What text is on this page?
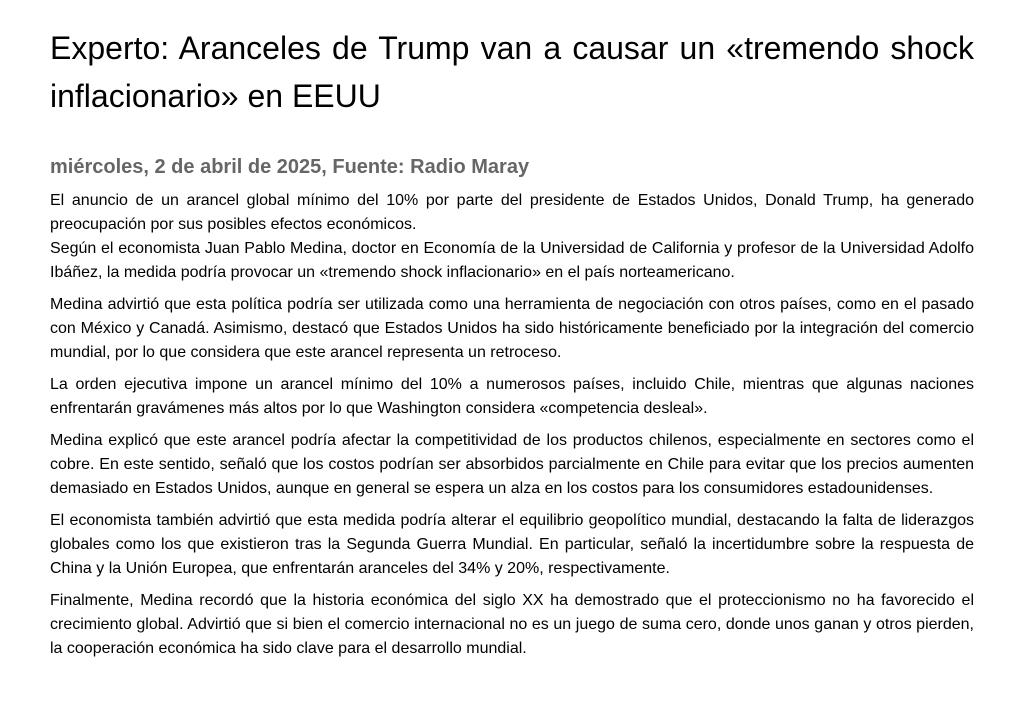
Experto: Aranceles de Trump van a causar un «tremendo shock inflacionario» en EEUU

miércoles, 2 de abril de 2025, Fuente: Radio Maray

El anuncio de un arancel global mínimo del 10% por parte del presidente de Estados Unidos, Donald Trump, ha generado preocupación por sus posibles efectos económicos.
Según el economista Juan Pablo Medina, doctor en Economía de la Universidad de California y profesor de la Universidad Adolfo Ibáñez, la medida podría provocar un «tremendo shock inflacionario» en el país norteamericano.

Medina advirtió que esta política podría ser utilizada como una herramienta de negociación con otros países, como en el pasado con México y Canadá. Asimismo, destacó que Estados Unidos ha sido históricamente beneficiado por la integración del comercio mundial, por lo que considera que este arancel representa un retroceso.

La orden ejecutiva impone un arancel mínimo del 10% a numerosos países, incluido Chile, mientras que algunas naciones enfrentarán gravámenes más altos por lo que Washington considera «competencia desleal».

Medina explicó que este arancel podría afectar la competitividad de los productos chilenos, especialmente en sectores como el cobre. En este sentido, señaló que los costos podrían ser absorbidos parcialmente en Chile para evitar que los precios aumenten demasiado en Estados Unidos, aunque en general se espera un alza en los costos para los consumidores estadounidenses.

El economista también advirtió que esta medida podría alterar el equilibrio geopolítico mundial, destacando la falta de liderazgos globales como los que existieron tras la Segunda Guerra Mundial. En particular, señaló la incertidumbre sobre la respuesta de China y la Unión Europea, que enfrentarán aranceles del 34% y 20%, respectivamente.

Finalmente, Medina recordó que la historia económica del siglo XX ha demostrado que el proteccionismo no ha favorecido el crecimiento global. Advirtió que si bien el comercio internacional no es un juego de suma cero, donde unos ganan y otros pierden, la cooperación económica ha sido clave para el desarrollo mundial.
